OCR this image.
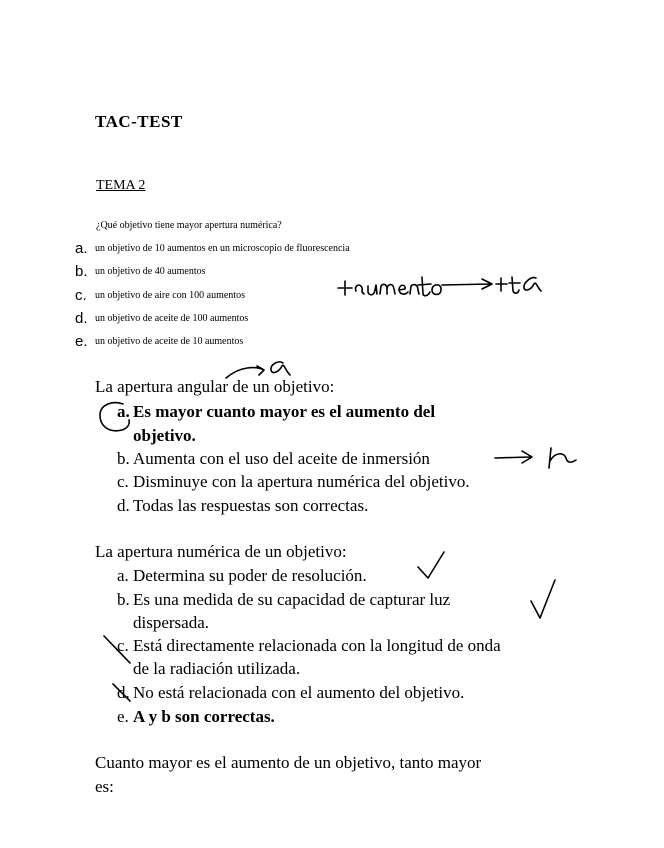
TAC-TEST
TEMA 2
¿Qué objetivo tiene mayor apertura numérica?
a. un objetivo de 10 aumentos en un microscopio de fluorescencia
b. un objetivo de 40 aumentos
c. un objetivo de aire con 100 aumentos
d. un objetivo de aceite de 100 aumentos
e. un objetivo de aceite de 10 aumentos
La apertura angular de un objetivo:
a. Es mayor cuanto mayor es el aumento del
objetivo.
b. Aumenta con el uso del aceite de inmersión
c. Disminuye con la apertura numérica del objetivo.
d. Todas las respuestas son correctas.
La apertura numérica de un objetivo:
a. Determina su poder de resolución.
b. Es una medida de su capacidad de capturar luz
dispersada.
c. Está directamente relacionada con la longitud de onda
de la radiación utilizada.
d. No está relacionada con el aumento del objetivo.
e. A y b son correctas.
Cuanto mayor es el aumento de un objetivo, tanto mayor
es:
